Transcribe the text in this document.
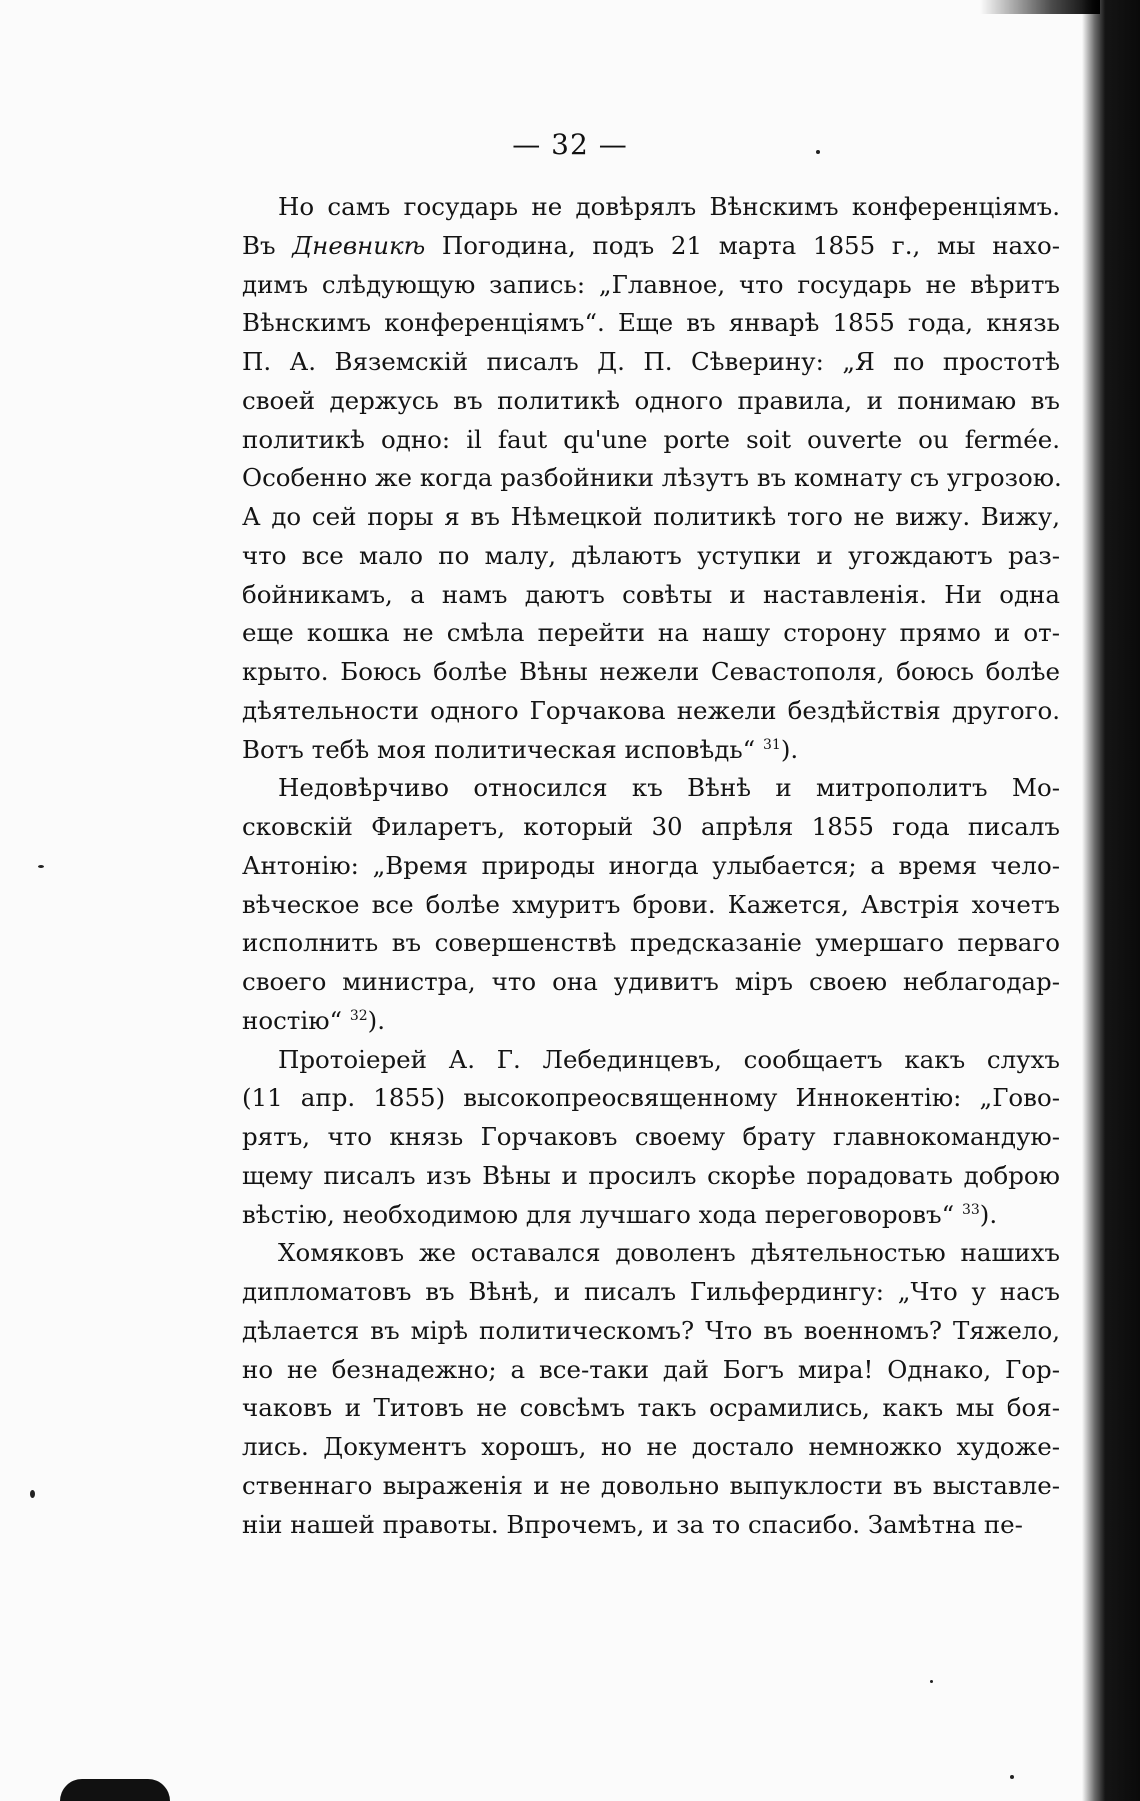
— 32 —
Но самъ государь не довѣрялъ Вѣнскимъ конференціямъ.
Въ Дневникѣ Погодина, подъ 21 марта 1855 г., мы нахо-
димъ слѣдующую запись: „Главное, что государь не вѣритъ
Вѣнскимъ конференціямъ“. Еще въ январѣ 1855 года, князь
П. А. Вяземскій писалъ Д. П. Сѣверину: „Я по простотѣ
своей держусь въ политикѣ одного правила, и понимаю въ
политикѣ одно: il faut qu'une porte soit ouverte ou fermée.
Особенно же когда разбойники лѣзутъ въ комнату съ угрозою.
А до сей поры я въ Нѣмецкой политикѣ того не вижу. Вижу,
что все мало по малу, дѣлаютъ уступки и угождаютъ раз-
бойникамъ, а намъ даютъ совѣты и наставленія. Ни одна
еще кошка не смѣла перейти на нашу сторону прямо и от-
крыто. Боюсь болѣе Вѣны нежели Севастополя, боюсь болѣе
дѣятельности одного Горчакова нежели бездѣйствія другого.
Вотъ тебѣ моя политическая исповѣдь“ $^{31}$).
Недовѣрчиво относился къ Вѣнѣ и митрополитъ Мо-
сковскій Филаретъ, который 30 апрѣля 1855 года писалъ
Антонію: „Время природы иногда улыбается; а время чело-
вѣческое все болѣе хмуритъ брови. Кажется, Австрія хочетъ
исполнить въ совершенствѣ предсказаніе умершаго перваго
своего министра, что она удивитъ міръ своею неблагодар-
ностію“ $^{32}$).
Протоіерей А. Г. Лебединцевъ, сообщаетъ какъ слухъ
(11 апр. 1855) высокопреосвященному Иннокентію: „Гово-
рятъ, что князь Горчаковъ своему брату главнокомандую-
щему писалъ изъ Вѣны и просилъ скорѣе порадовать доброю
вѣстію, необходимою для лучшаго хода переговоровъ“ $^{33}$).
Хомяковъ же оставался доволенъ дѣятельностью нашихъ
дипломатовъ въ Вѣнѣ, и писалъ Гильфердингу: „Что у насъ
дѣлается въ мірѣ политическомъ? Что въ военномъ? Тяжело,
но не безнадежно; а все-таки дай Богъ мира! Однако, Гор-
чаковъ и Титовъ не совсѣмъ такъ осрамились, какъ мы боя-
лись. Документъ хорошъ, но не достало немножко художе-
ственнаго выраженія и не довольно выпуклости въ выставле-
ніи нашей правоты. Впрочемъ, и за то спасибо. Замѣтна пе-
